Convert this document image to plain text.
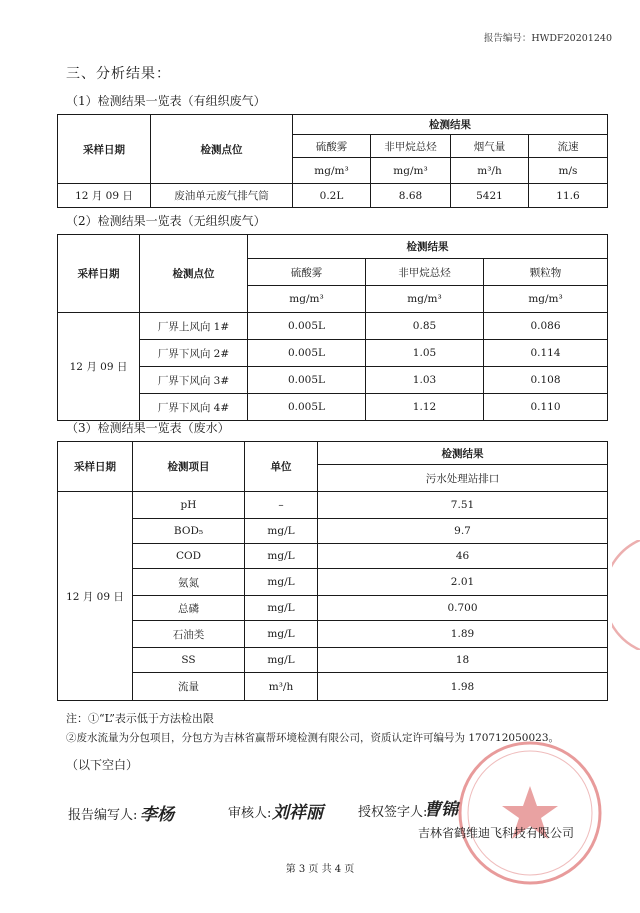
报告编号：HWDF20201240
三、分析结果：
（1）检测结果一览表（有组织废气）
采样日期	检测点位	检测结果			
		硫酸雾	非甲烷总烃	烟气量	流速
		mg/m³	mg/m³	m³/h	m/s
12 月 09 日	废油单元废气排气筒	0.2L	8.68	5421	11.6
（2）检测结果一览表（无组织废气）
采样日期	检测点位	检测结果		
		硫酸雾	非甲烷总烃	颗粒物
		mg/m³	mg/m³	mg/m³
12 月 09 日	厂界上风向 1#	0.005L	0.85	0.086
	厂界下风向 2#	0.005L	1.05	0.114
	厂界下风向 3#	0.005L	1.03	0.108
	厂界下风向 4#	0.005L	1.12	0.110
（3）检测结果一览表（废水）
采样日期	检测项目	单位	检测结果
			污水处理站排口
12 月 09 日	pH	–	7.51
	BOD₅	mg/L	9.7
	COD	mg/L	46
	氨氮	mg/L	2.01
	总磷	mg/L	0.700
	石油类	mg/L	1.89
	SS	mg/L	18
	流量	m³/h	1.98
注：①“L”表示低于方法检出限
②废水流量为分包项目，分包方为吉林省赢帮环境检测有限公司，资质认定许可编号为 170712050023。
（以下空白）
报告编写人: 李杨	审核人: 刘祥丽	授权签字人:
曹锦
吉林省鹤维迪飞科技有限公司
第 3 页 共 4 页
